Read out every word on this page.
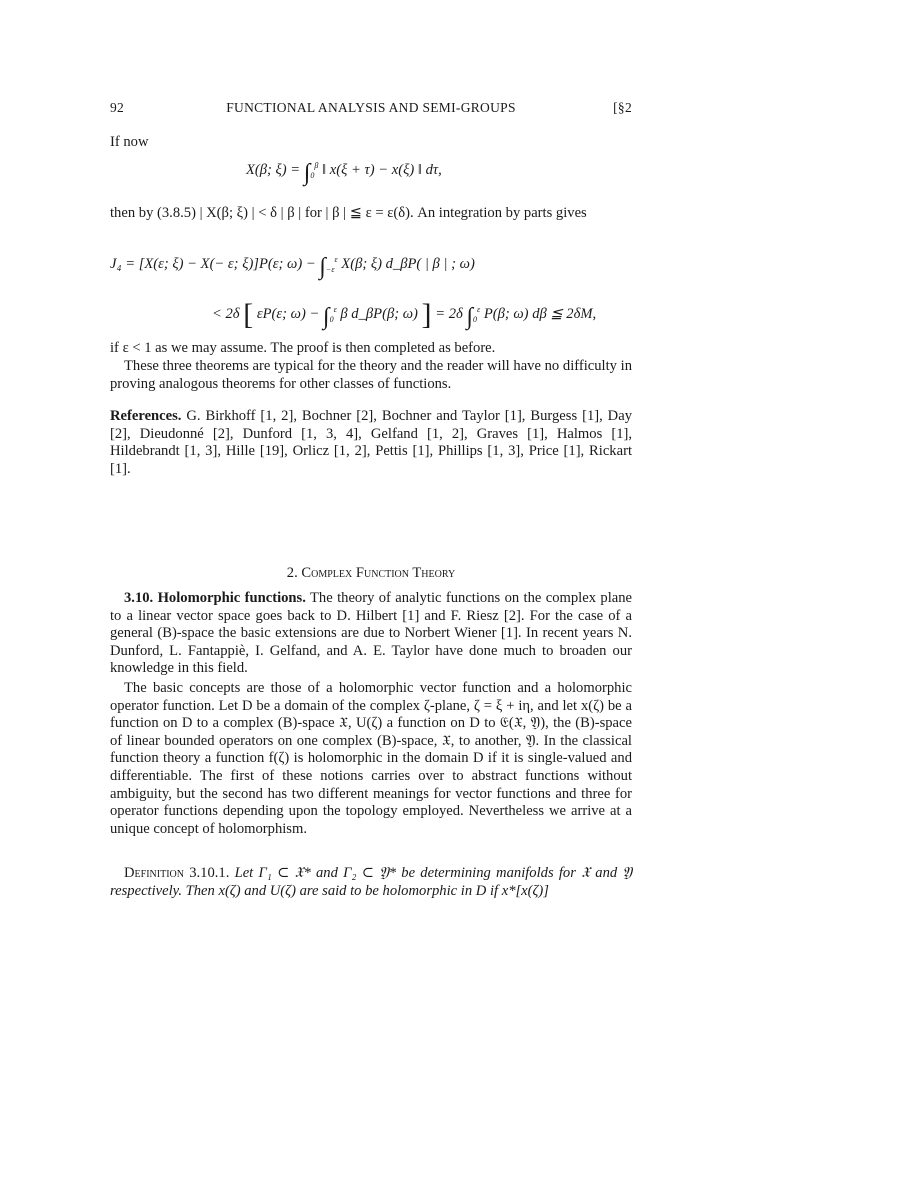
92	FUNCTIONAL ANALYSIS AND SEMI-GROUPS	[§2
If now
X(β; $\xi) = \int_0^\beta$ ‖ x(ξ + τ) − x(ξ) ‖ dτ,
then by (3.8.5) | X(β; ξ) | < δ | β | for | β | ≦ ε = ε(δ). An integration by parts gives
J₄ = [X(ε; ξ) − X(− ε; ξ)]P(ε; $\omega) - \int_{-\varepsilon}^\varepsilon$ X(β; ξ) d_βP( | β | ; ω)
< 2δ [ εP(ε; $\omega) - \int_0^\varepsilon$ β d_βP(β; ω) ] = 2δ $\int_0^\varepsilon$ P(β; ω) dβ ≦ 2δM,
if ε < 1 as we may assume. The proof is then completed as before.
These three theorems are typical for the theory and the reader will have no difficulty in proving analogous theorems for other classes of functions.
References. G. Birkhoff [1, 2], Bochner [2], Bochner and Taylor [1], Burgess [1], Day [2], Dieudonné [2], Dunford [1, 3, 4], Gelfand [1, 2], Graves [1], Halmos [1], Hildebrandt [1, 3], Hille [19], Orlicz [1, 2], Pettis [1], Phillips [1, 3], Price [1], Rickart [1].
2. Complex Function Theory
3.10. Holomorphic functions. The theory of analytic functions on the complex plane to a linear vector space goes back to D. Hilbert [1] and F. Riesz [2]. For the case of a general (B)-space the basic extensions are due to Norbert Wiener [1]. In recent years N. Dunford, L. Fantappiè, I. Gelfand, and A. E. Taylor have done much to broaden our knowledge in this field.
The basic concepts are those of a holomorphic vector function and a holomorphic operator function. Let D be a domain of the complex ζ-plane, ζ = ξ + iη, and let x(ζ) be a function on D to a complex (B)-space 𝔛, U(ζ) a function on D to 𝔈(𝔛, 𝔜), the (B)-space of linear bounded operators on one complex (B)-space, 𝔛, to another, 𝔜. In the classical function theory a function f(ζ) is holomorphic in the domain D if it is single-valued and differentiable. The first of these notions carries over to abstract functions without ambiguity, but the second has two different meanings for vector functions and three for operator functions depending upon the topology employed. Nevertheless we arrive at a unique concept of holomorphism.
Definition 3.10.1. Let Γ₁ ⊂ 𝔛* and Γ₂ ⊂ 𝔜* be determining manifolds for 𝔛 and 𝔜 respectively. Then x(ζ) and U(ζ) are said to be holomorphic in D if x*[x(ζ)]
